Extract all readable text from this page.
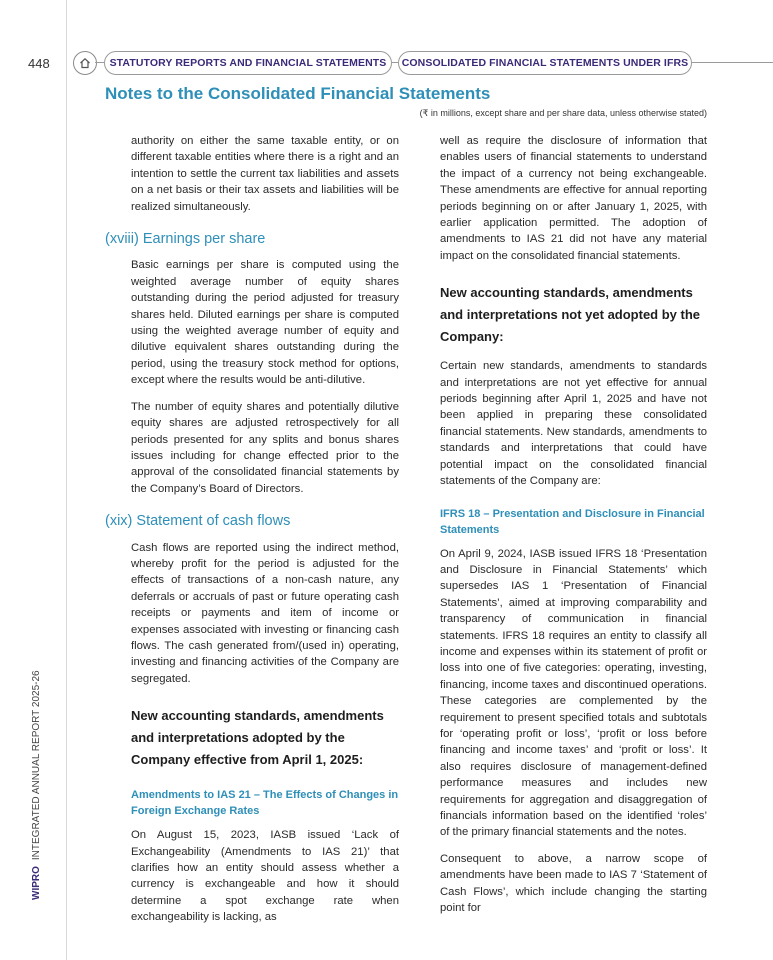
448	STATUTORY REPORTS AND FINANCIAL STATEMENTS	CONSOLIDATED FINANCIAL STATEMENTS UNDER IFRS
Notes to the Consolidated Financial Statements
(₹ in millions, except share and per share data, unless otherwise stated)

authority on either the same taxable entity, or on different taxable entities where there is a right and an intention to settle the current tax liabilities and assets on a net basis or their tax assets and liabilities will be realized simultaneously.

(xviii) Earnings per share

Basic earnings per share is computed using the weighted average number of equity shares outstanding during the period adjusted for treasury shares held. Diluted earnings per share is computed using the weighted average number of equity and dilutive equivalent shares outstanding during the period, using the treasury stock method for options, except where the results would be anti-dilutive.

The number of equity shares and potentially dilutive equity shares are adjusted retrospectively for all periods presented for any splits and bonus shares issues including for change effected prior to the approval of the consolidated financial statements by the Company’s Board of Directors.

(xix) Statement of cash flows

Cash flows are reported using the indirect method, whereby profit for the period is adjusted for the effects of transactions of a non-cash nature, any deferrals or accruals of past or future operating cash receipts or payments and item of income or expenses associated with investing or financing cash flows. The cash generated from/(used in) operating, investing and financing activities of the Company are segregated.

New accounting standards, amendments and interpretations adopted by the Company effective from April 1, 2025:
Amendments to IAS 21 – The Effects of Changes in Foreign Exchange Rates

On August 15, 2023, IASB issued ‘Lack of Exchangeability (Amendments to IAS 21)’ that clarifies how an entity should assess whether a currency is exchangeable and how it should determine a spot exchange rate when exchangeability is lacking, as

well as require the disclosure of information that enables users of financial statements to understand the impact of a currency not being exchangeable. These amendments are effective for annual reporting periods beginning on or after January 1, 2025, with earlier application permitted. The adoption of amendments to IAS 21 did not have any material impact on the consolidated financial statements.

New accounting standards, amendments and interpretations not yet adopted by the Company:

Certain new standards, amendments to standards and interpretations are not yet effective for annual periods beginning after April 1, 2025 and have not been applied in preparing these consolidated financial statements. New standards, amendments to standards and interpretations that could have potential impact on the consolidated financial statements of the Company are:

IFRS 18 – Presentation and Disclosure in Financial Statements

On April 9, 2024, IASB issued IFRS 18 ‘Presentation and Disclosure in Financial Statements’ which supersedes IAS 1 ‘Presentation of Financial Statements’, aimed at improving comparability and transparency of communication in financial statements. IFRS 18 requires an entity to classify all income and expenses within its statement of profit or loss into one of five categories: operating, investing, financing, income taxes and discontinued operations. These categories are complemented by the requirement to present specified totals and subtotals for ‘operating profit or loss’, ‘profit or loss before financing and income taxes’ and ‘profit or loss’. It also requires disclosure of management-defined performance measures and includes new requirements for aggregation and disaggregation of financials information based on the identified ‘roles’ of the primary financial statements and the notes.

Consequent to above, a narrow scope of amendments have been made to IAS 7 ‘Statement of Cash Flows’, which include changing the starting point for

WIPROINTEGRATED ANNUAL REPORT 2025-26
